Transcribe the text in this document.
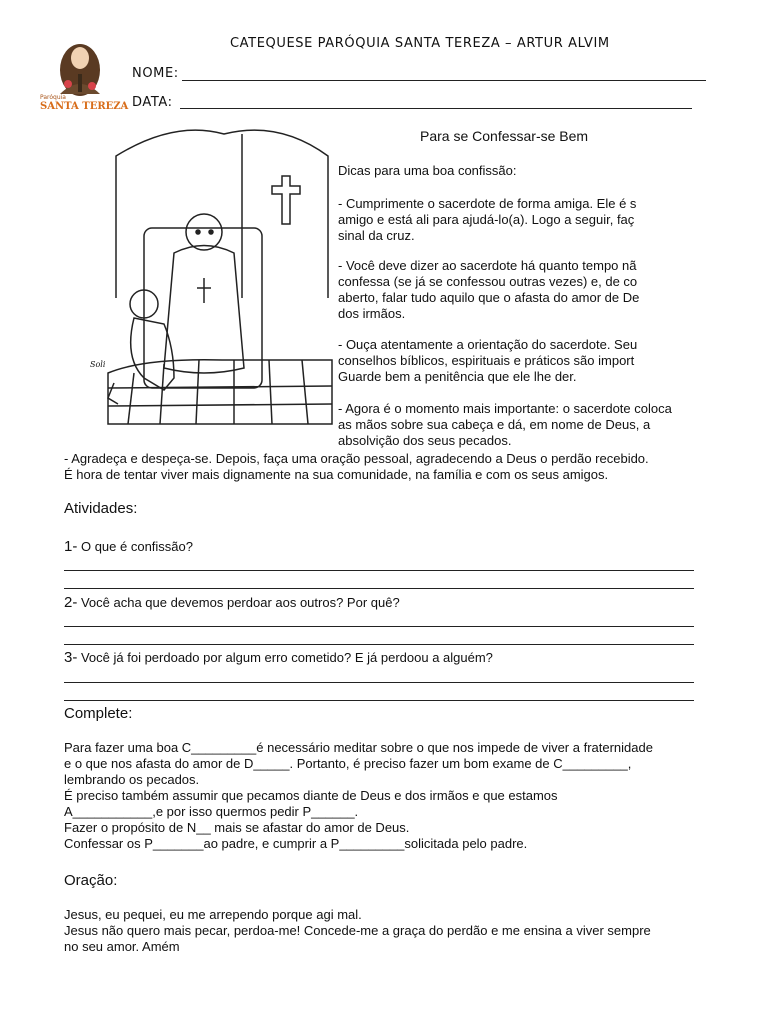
Paróquia
SANTA TEREZA
CATEQUESE PARÓQUIA SANTA TEREZA – ARTUR ALVIM
NOME:
DATA:
Soli
Para se Confessar-se Bem
Dicas para uma boa confissão:
- Cumprimente o sacerdote de forma amiga. Ele é s
amigo e está ali para ajudá-lo(a). Logo a seguir, faç
sinal da cruz.
- Você deve dizer ao sacerdote há quanto tempo nã
confessa (se já se confessou outras vezes) e, de co
aberto, falar tudo aquilo que o afasta do amor de De
dos irmãos.
- Ouça atentamente a orientação do sacerdote. Seu
conselhos bíblicos, espirituais e práticos são import
Guarde bem a penitência que ele lhe der.
- Agora é o momento mais importante: o sacerdote coloca
as mãos sobre sua cabeça e dá, em nome de Deus, a
absolvição dos seus pecados.
- Agradeça e despeça-se. Depois, faça uma oração pessoal, agradecendo a Deus o perdão recebido.
É hora de tentar viver mais dignamente na sua comunidade, na família e com os seus amigos.
Atividades:
1- O que é confissão?
2- Você acha que devemos perdoar aos outros? Por quê?
3- Você já foi perdoado por algum erro cometido? E já perdoou a alguém?
Complete:
Para fazer uma boa C_________é necessário meditar sobre o que nos impede de viver a fraternidade
e o que nos afasta do amor de D_____. Portanto, é preciso fazer um bom exame de C_________,
lembrando os pecados.
É preciso também assumir que pecamos diante de Deus e dos irmãos e que estamos
A___________,e por isso quermos pedir P______.
Fazer o propósito de N__ mais se afastar do amor de Deus.
Confessar os P_______ao padre, e cumprir a P_________solicitada pelo padre.
Oração:
Jesus, eu pequei, eu me arrependo porque agi mal.
Jesus não quero mais pecar, perdoa-me! Concede-me a graça do perdão e me ensina a viver sempre
no seu amor. Amém
